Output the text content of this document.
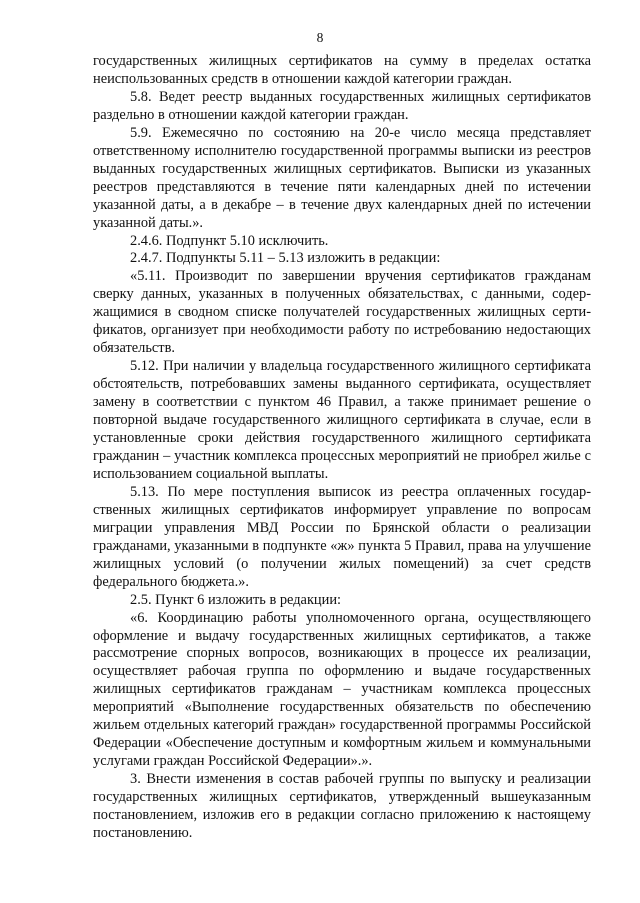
8

государственных жилищных сертификатов на сумму в пределах остатка неиспользованных средств в отношении каждой категории граждан.

5.8. Ведет реестр выданных государственных жилищных сертификатов раздельно в отношении каждой категории граждан.

5.9. Ежемесячно по состоянию на 20-е число месяца представляет ответственному исполнителю государственной программы выписки из реестров выданных государственных жилищных сертификатов. Выписки из указанных реестров представляются в течение пяти календарных дней по истечении указанной даты, а в декабре – в течение двух календарных дней по истечении указанной даты.».

2.4.6. Подпункт 5.10 исключить.

2.4.7. Подпункты 5.11 – 5.13 изложить в редакции:

«5.11. Производит по завершении вручения сертификатов гражданам сверку данных, указанных в полученных обязательствах, с данными, содержащимися в сводном списке получателей государственных жилищных сертификатов, организует при необходимости работу по истребованию недостающих обязательств.

5.12. При наличии у владельца государственного жилищного сертификата обстоятельств, потребовавших замены выданного сертификата, осуществляет замену в соответствии с пунктом 46 Правил, а также принимает решение о повторной выдаче государственного жилищного сертификата в случае, если в установленные сроки действия государственного жилищного сертификата гражданин – участник комплекса процессных мероприятий не приобрел жилье с использованием социальной выплаты.

5.13. По мере поступления выписок из реестра оплаченных государственных жилищных сертификатов информирует управление по вопросам миграции управления МВД России по Брянской области о реализации гражданами, указанными в подпункте «ж» пункта 5 Правил, права на улучшение жилищных условий (о получении жилых помещений) за счет средств федерального бюджета.».

2.5. Пункт 6 изложить в редакции:

«6. Координацию работы уполномоченного органа, осуществляющего оформление и выдачу государственных жилищных сертификатов, а также рассмотрение спорных вопросов, возникающих в процессе их реализации, осуществляет рабочая группа по оформлению и выдаче государственных жилищных сертификатов гражданам – участникам комплекса процессных мероприятий «Выполнение государственных обязательств по обеспечению жильем отдельных категорий граждан» государственной программы Российской Федерации «Обеспечение доступным и комфортным жильем и коммунальными услугами граждан Российской Федерации».».

3. Внести изменения в состав рабочей группы по выпуску и реализации государственных жилищных сертификатов, утвержденный вышеуказанным постановлением, изложив его в редакции согласно приложению к настоящему постановлению.
